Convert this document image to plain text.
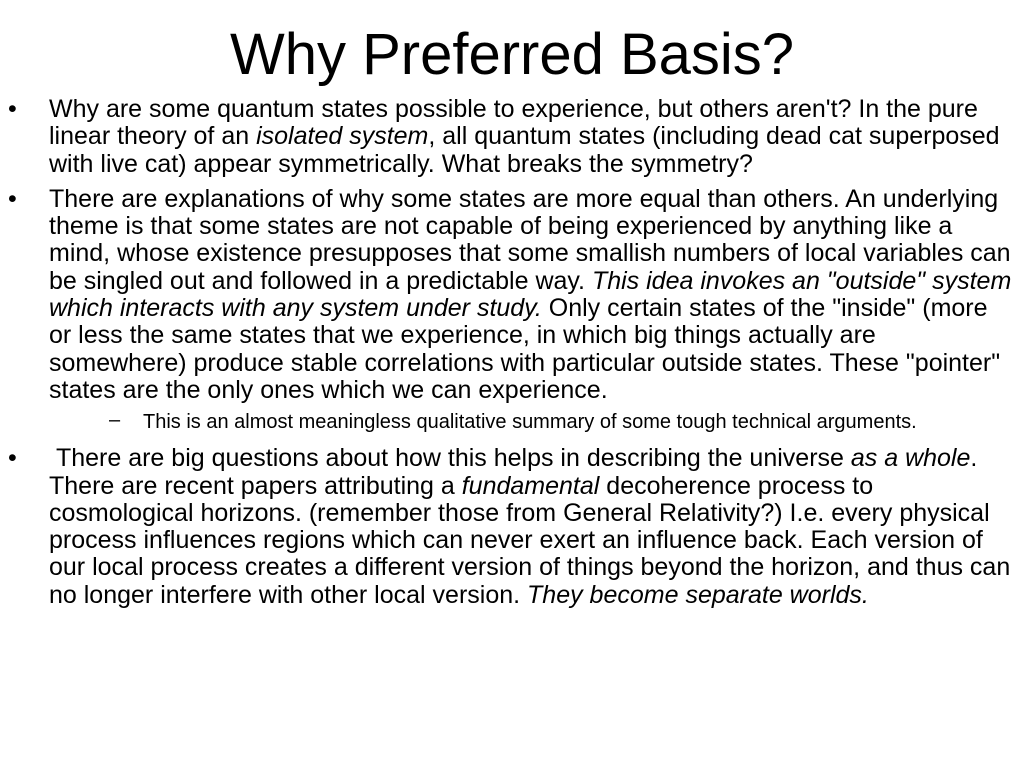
Why Preferred Basis?
• Why are some quantum states possible to experience, but others aren't? In the pure linear theory of an isolated system, all quantum states (including dead cat superposed with live cat) appear symmetrically. What breaks the symmetry?
• There are explanations of why some states are more equal than others. An underlying theme is that some states are not capable of being experienced by anything like a mind, whose existence presupposes that some smallish numbers of local variables can be singled out and followed in a predictable way. This idea invokes an "outside" system which interacts with any system under study. Only certain states of the "inside" (more or less the same states that we experience, in which big things actually are somewhere) produce stable correlations with particular outside states. These "pointer" states are the only ones which we can experience.
– This is an almost meaningless qualitative summary of some tough technical arguments.
• There are big questions about how this helps in describing the universe as a whole. There are recent papers attributing a fundamental decoherence process to cosmological horizons. (remember those from General Relativity?) I.e. every physical process influences regions which can never exert an influence back. Each version of our local process creates a different version of things beyond the horizon, and thus can no longer interfere with other local version. They become separate worlds.
